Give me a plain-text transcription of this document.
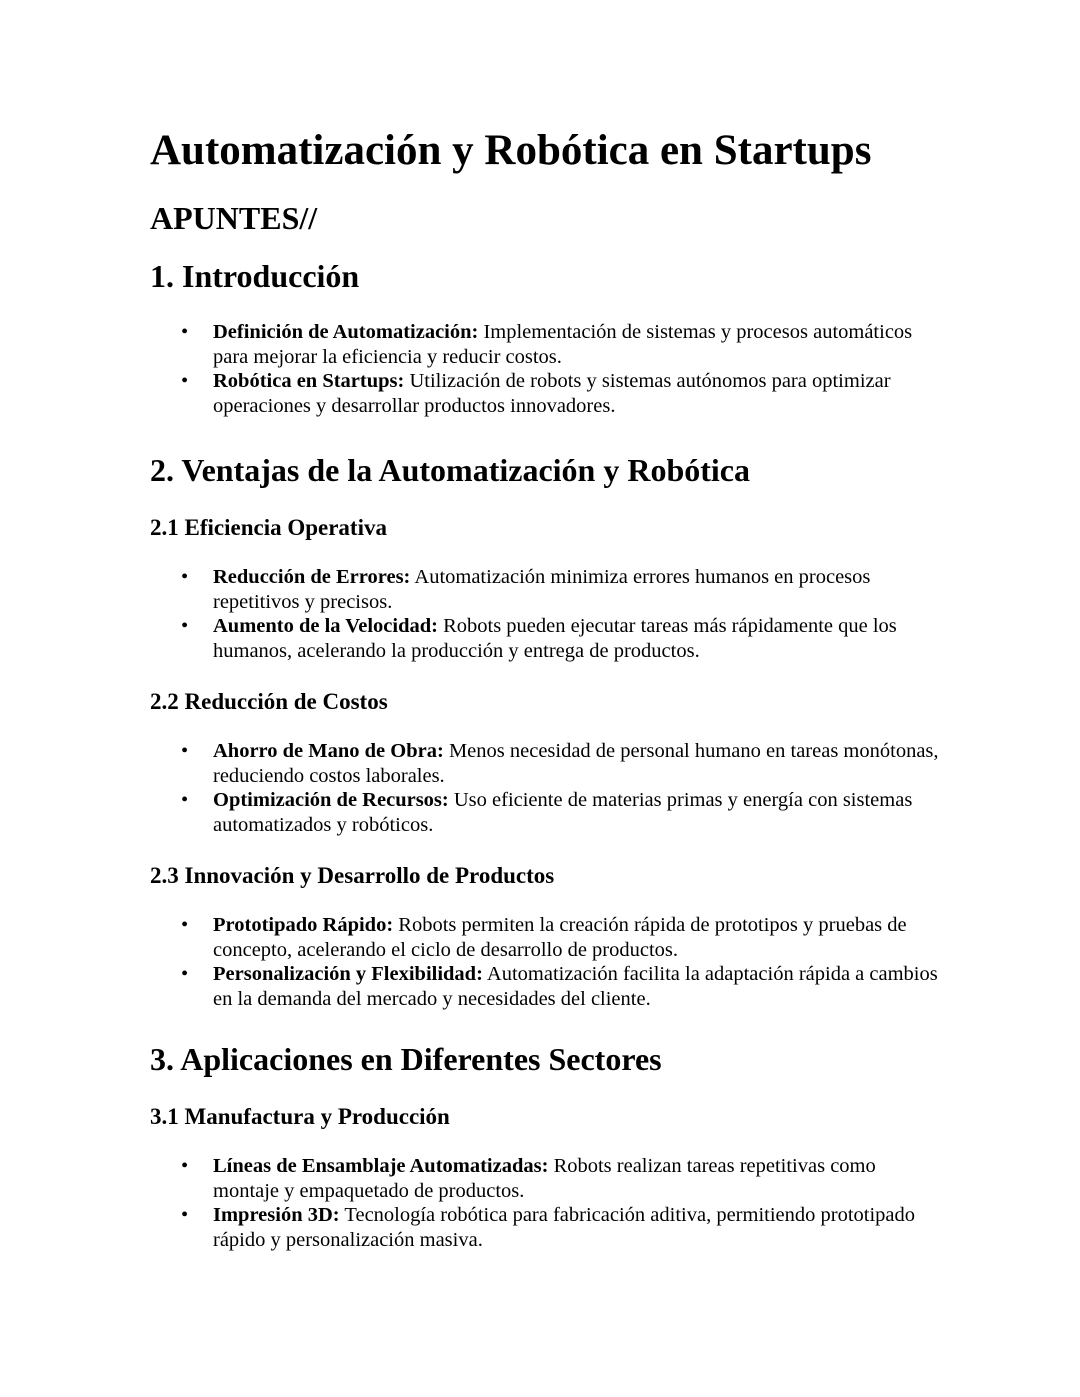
Automatización y Robótica en Startups
APUNTES//
1. Introducción
• Definición de Automatización: Implementación de sistemas y procesos automáticos para mejorar la eficiencia y reducir costos.
• Robótica en Startups: Utilización de robots y sistemas autónomos para optimizar operaciones y desarrollar productos innovadores.
2. Ventajas de la Automatización y Robótica
2.1 Eficiencia Operativa
• Reducción de Errores: Automatización minimiza errores humanos en procesos repetitivos y precisos.
• Aumento de la Velocidad: Robots pueden ejecutar tareas más rápidamente que los humanos, acelerando la producción y entrega de productos.
2.2 Reducción de Costos
• Ahorro de Mano de Obra: Menos necesidad de personal humano en tareas monótonas, reduciendo costos laborales.
• Optimización de Recursos: Uso eficiente de materias primas y energía con sistemas automatizados y robóticos.
2.3 Innovación y Desarrollo de Productos
• Prototipado Rápido: Robots permiten la creación rápida de prototipos y pruebas de concepto, acelerando el ciclo de desarrollo de productos.
• Personalización y Flexibilidad: Automatización facilita la adaptación rápida a cambios en la demanda del mercado y necesidades del cliente.
3. Aplicaciones en Diferentes Sectores
3.1 Manufactura y Producción
• Líneas de Ensamblaje Automatizadas: Robots realizan tareas repetitivas como montaje y empaquetado de productos.
• Impresión 3D: Tecnología robótica para fabricación aditiva, permitiendo prototipado rápido y personalización masiva.
